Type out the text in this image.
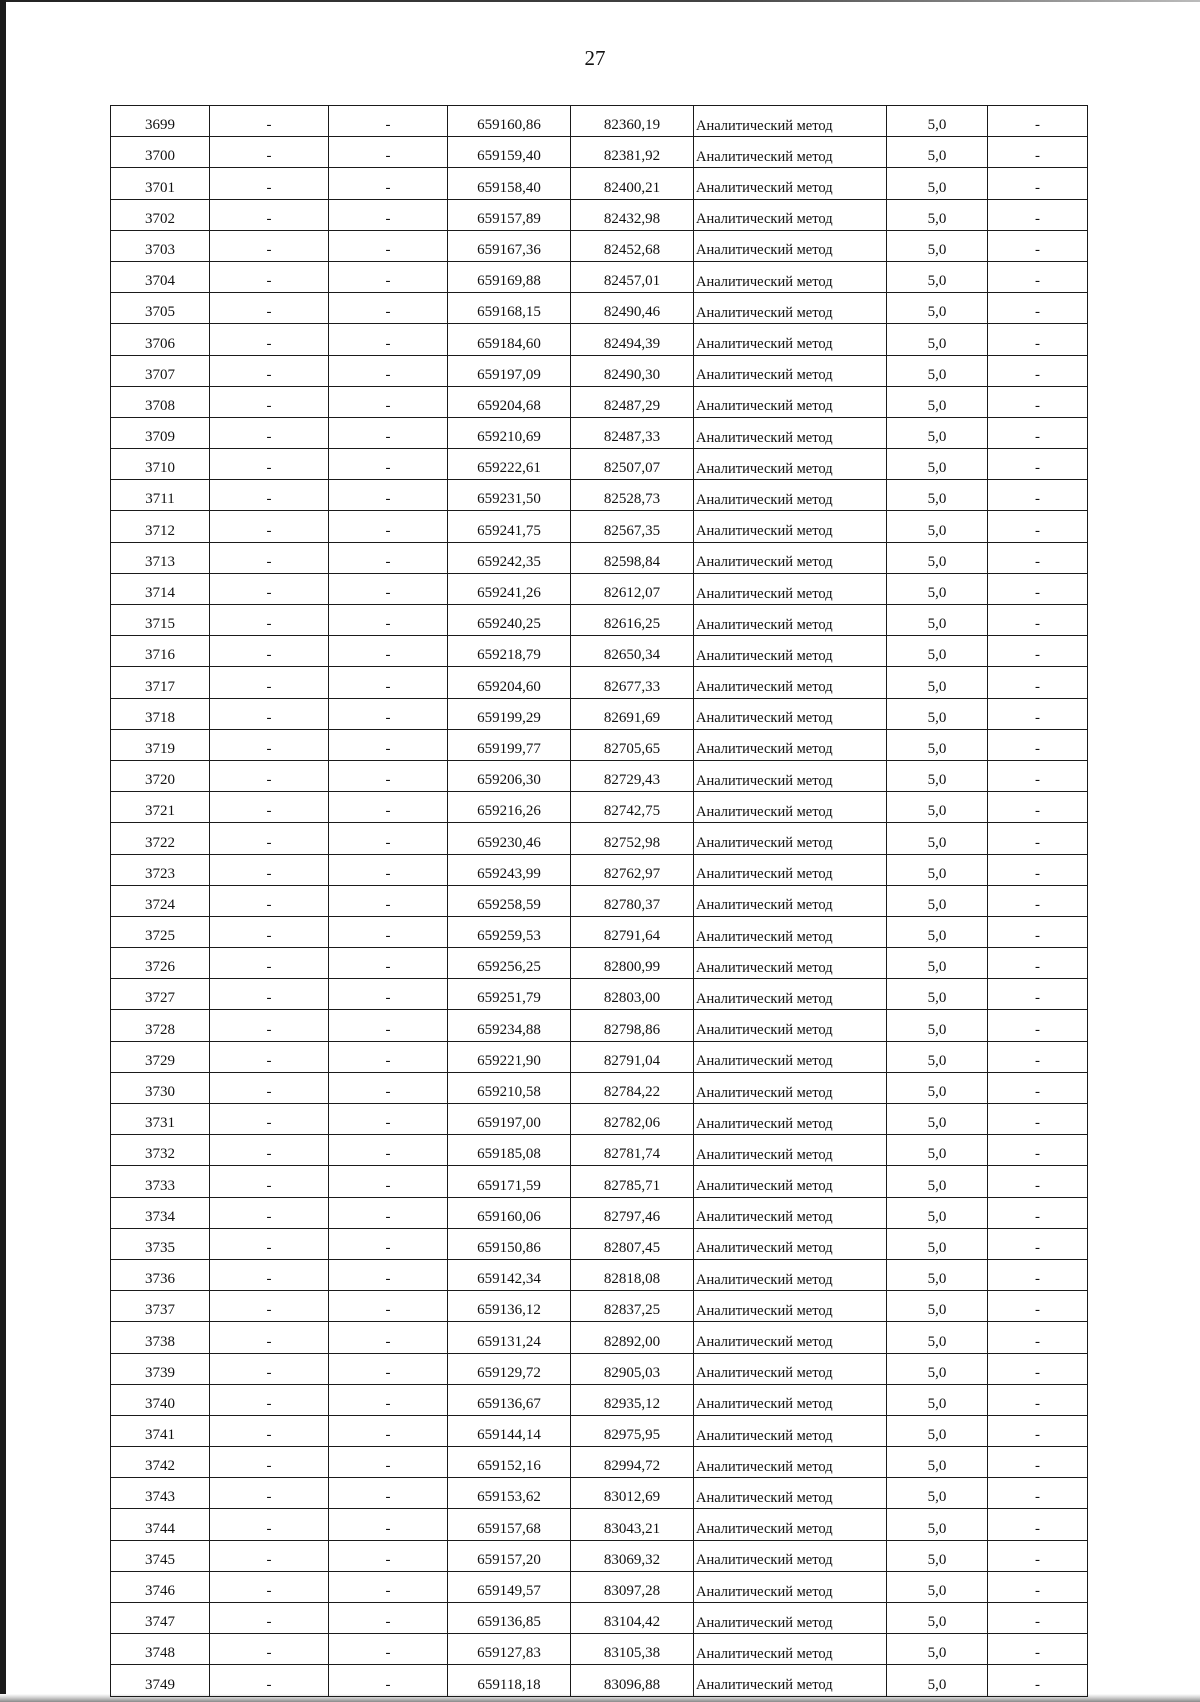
27
3699	-	-	659160,86	82360,19	Аналитический метод	5,0	-
3700	-	-	659159,40	82381,92	Аналитический метод	5,0	-
3701	-	-	659158,40	82400,21	Аналитический метод	5,0	-
3702	-	-	659157,89	82432,98	Аналитический метод	5,0	-
3703	-	-	659167,36	82452,68	Аналитический метод	5,0	-
3704	-	-	659169,88	82457,01	Аналитический метод	5,0	-
3705	-	-	659168,15	82490,46	Аналитический метод	5,0	-
3706	-	-	659184,60	82494,39	Аналитический метод	5,0	-
3707	-	-	659197,09	82490,30	Аналитический метод	5,0	-
3708	-	-	659204,68	82487,29	Аналитический метод	5,0	-
3709	-	-	659210,69	82487,33	Аналитический метод	5,0	-
3710	-	-	659222,61	82507,07	Аналитический метод	5,0	-
3711	-	-	659231,50	82528,73	Аналитический метод	5,0	-
3712	-	-	659241,75	82567,35	Аналитический метод	5,0	-
3713	-	-	659242,35	82598,84	Аналитический метод	5,0	-
3714	-	-	659241,26	82612,07	Аналитический метод	5,0	-
3715	-	-	659240,25	82616,25	Аналитический метод	5,0	-
3716	-	-	659218,79	82650,34	Аналитический метод	5,0	-
3717	-	-	659204,60	82677,33	Аналитический метод	5,0	-
3718	-	-	659199,29	82691,69	Аналитический метод	5,0	-
3719	-	-	659199,77	82705,65	Аналитический метод	5,0	-
3720	-	-	659206,30	82729,43	Аналитический метод	5,0	-
3721	-	-	659216,26	82742,75	Аналитический метод	5,0	-
3722	-	-	659230,46	82752,98	Аналитический метод	5,0	-
3723	-	-	659243,99	82762,97	Аналитический метод	5,0	-
3724	-	-	659258,59	82780,37	Аналитический метод	5,0	-
3725	-	-	659259,53	82791,64	Аналитический метод	5,0	-
3726	-	-	659256,25	82800,99	Аналитический метод	5,0	-
3727	-	-	659251,79	82803,00	Аналитический метод	5,0	-
3728	-	-	659234,88	82798,86	Аналитический метод	5,0	-
3729	-	-	659221,90	82791,04	Аналитический метод	5,0	-
3730	-	-	659210,58	82784,22	Аналитический метод	5,0	-
3731	-	-	659197,00	82782,06	Аналитический метод	5,0	-
3732	-	-	659185,08	82781,74	Аналитический метод	5,0	-
3733	-	-	659171,59	82785,71	Аналитический метод	5,0	-
3734	-	-	659160,06	82797,46	Аналитический метод	5,0	-
3735	-	-	659150,86	82807,45	Аналитический метод	5,0	-
3736	-	-	659142,34	82818,08	Аналитический метод	5,0	-
3737	-	-	659136,12	82837,25	Аналитический метод	5,0	-
3738	-	-	659131,24	82892,00	Аналитический метод	5,0	-
3739	-	-	659129,72	82905,03	Аналитический метод	5,0	-
3740	-	-	659136,67	82935,12	Аналитический метод	5,0	-
3741	-	-	659144,14	82975,95	Аналитический метод	5,0	-
3742	-	-	659152,16	82994,72	Аналитический метод	5,0	-
3743	-	-	659153,62	83012,69	Аналитический метод	5,0	-
3744	-	-	659157,68	83043,21	Аналитический метод	5,0	-
3745	-	-	659157,20	83069,32	Аналитический метод	5,0	-
3746	-	-	659149,57	83097,28	Аналитический метод	5,0	-
3747	-	-	659136,85	83104,42	Аналитический метод	5,0	-
3748	-	-	659127,83	83105,38	Аналитический метод	5,0	-
3749	-	-	659118,18	83096,88	Аналитический метод	5,0	-
